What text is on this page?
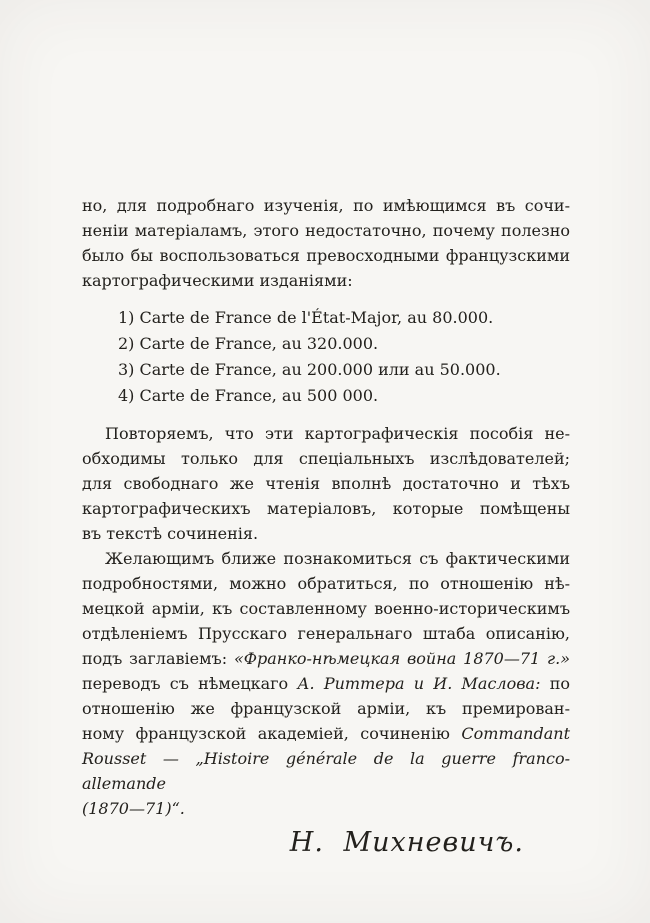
но, для подробнаго изученія, по имѣющимся въ сочи-
неніи матеріаламъ, этого недостаточно, почему полезно
было бы воспользоваться превосходными французскими
картографическими изданіями:
1) Carte de France de l'État-Major, au 80.000.
2) Carte de France, au 320.000.
3) Carte de France, au 200.000 или au 50.000.
4) Carte de France, au 500 000.
Повторяемъ, что эти картографическія пособія не-
обходимы только для спеціальныхъ изслѣдователей;
для свободнаго же чтенія вполнѣ достаточно и тѣхъ
картографическихъ матеріаловъ, которые помѣщены
въ текстѣ сочиненія.
Желающимъ ближе познакомиться съ фактическими
подробностями, можно обратиться, по отношенію нѣ-
мецкой арміи, къ составленному военно-историческимъ
отдѣленіемъ Прусскаго генеральнаго штаба описанію,
подъ заглавіемъ: «Франко-нѣмецкая война 1870—71 г.»
переводъ съ нѣмецкаго А. Риттера и И. Маслова: по
отношенію же французской арміи, къ премирован-
ному французской академіей, сочиненію Commandant
Rousset — „Histoire générale de la guerre franco-allemande
(1870—71)“.
Н. Михневичъ.
